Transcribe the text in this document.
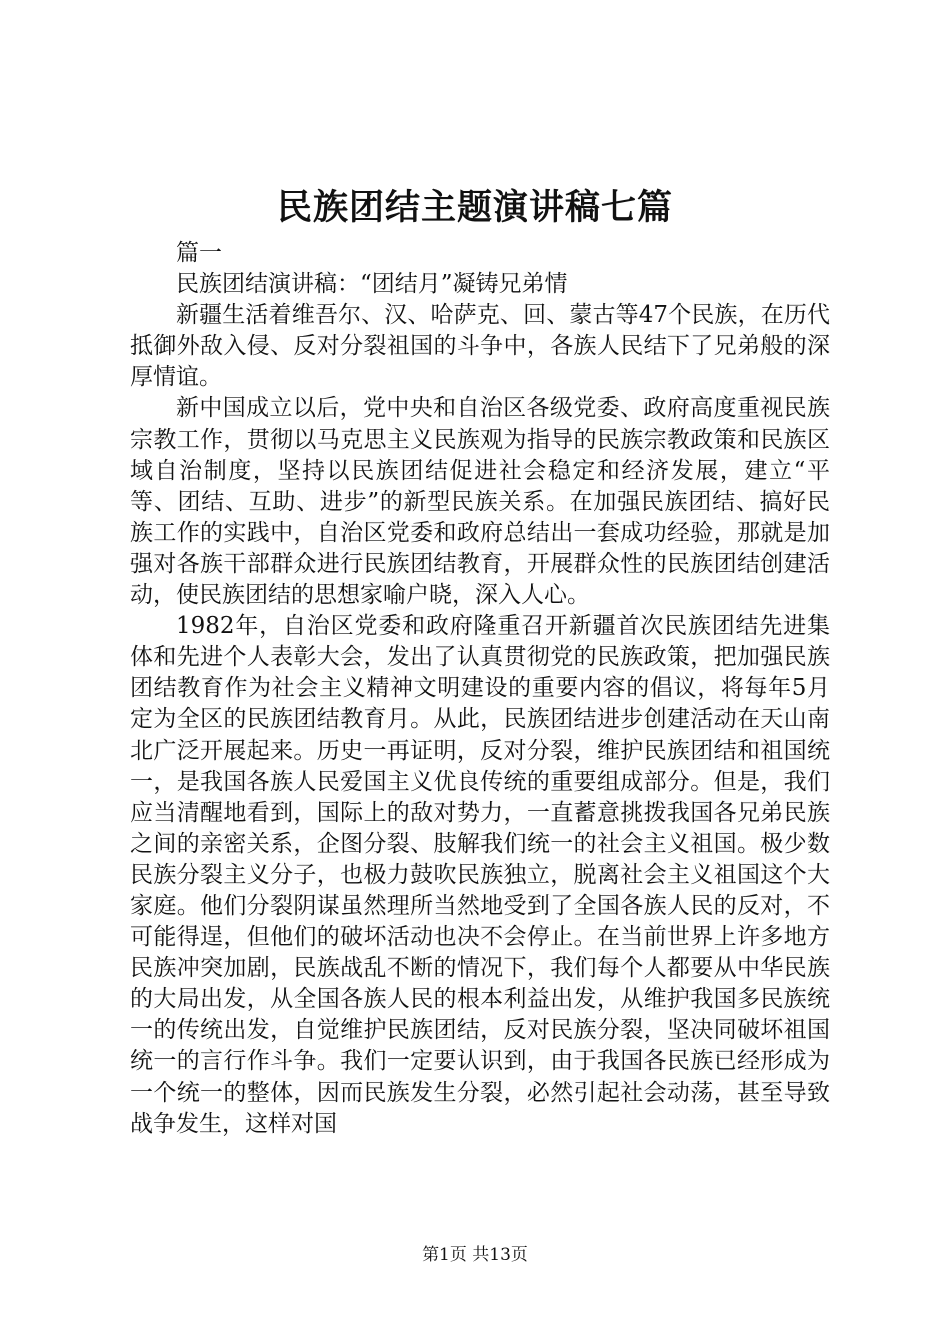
民族团结主题演讲稿七篇

篇一

民族团结演讲稿：“团结月”凝铸兄弟情

新疆生活着维吾尔、汉、哈萨克、回、蒙古等47个民族，在历代抵御外敌入侵、反对分裂祖国的斗争中，各族人民结下了兄弟般的深厚情谊。

新中国成立以后，党中央和自治区各级党委、政府高度重视民族宗教工作，贯彻以马克思主义民族观为指导的民族宗教政策和民族区域自治制度，坚持以民族团结促进社会稳定和经济发展，建立“平等、团结、互助、进步”的新型民族关系。在加强民族团结、搞好民族工作的实践中，自治区党委和政府总结出一套成功经验，那就是加强对各族干部群众进行民族团结教育，开展群众性的民族团结创建活动，使民族团结的思想家喻户晓，深入人心。

1982年，自治区党委和政府隆重召开新疆首次民族团结先进集体和先进个人表彰大会，发出了认真贯彻党的民族政策，把加强民族团结教育作为社会主义精神文明建设的重要内容的倡议，将每年5月定为全区的民族团结教育月。从此，民族团结进步创建活动在天山南北广泛开展起来。历史一再证明，反对分裂，维护民族团结和祖国统一，是我国各族人民爱国主义优良传统的重要组成部分。但是，我们应当清醒地看到，国际上的敌对势力，一直蓄意挑拨我国各兄弟民族之间的亲密关系，企图分裂、肢解我们统一的社会主义祖国。极少数民族分裂主义分子，也极力鼓吹民族独立，脱离社会主义祖国这个大家庭。他们分裂阴谋虽然理所当然地受到了全国各族人民的反对，不可能得逞，但他们的破坏活动也决不会停止。在当前世界上许多地方民族冲突加剧，民族战乱不断的情况下，我们每个人都要从中华民族的大局出发，从全国各族人民的根本利益出发，从维护我国多民族统一的传统出发，自觉维护民族团结，反对民族分裂，坚决同破坏祖国统一的言行作斗争。我们一定要认识到，由于我国各民族已经形成为一个统一的整体，因而民族发生分裂，必然引起社会动荡，甚至导致战争发生，这样对国

第1页 共13页
